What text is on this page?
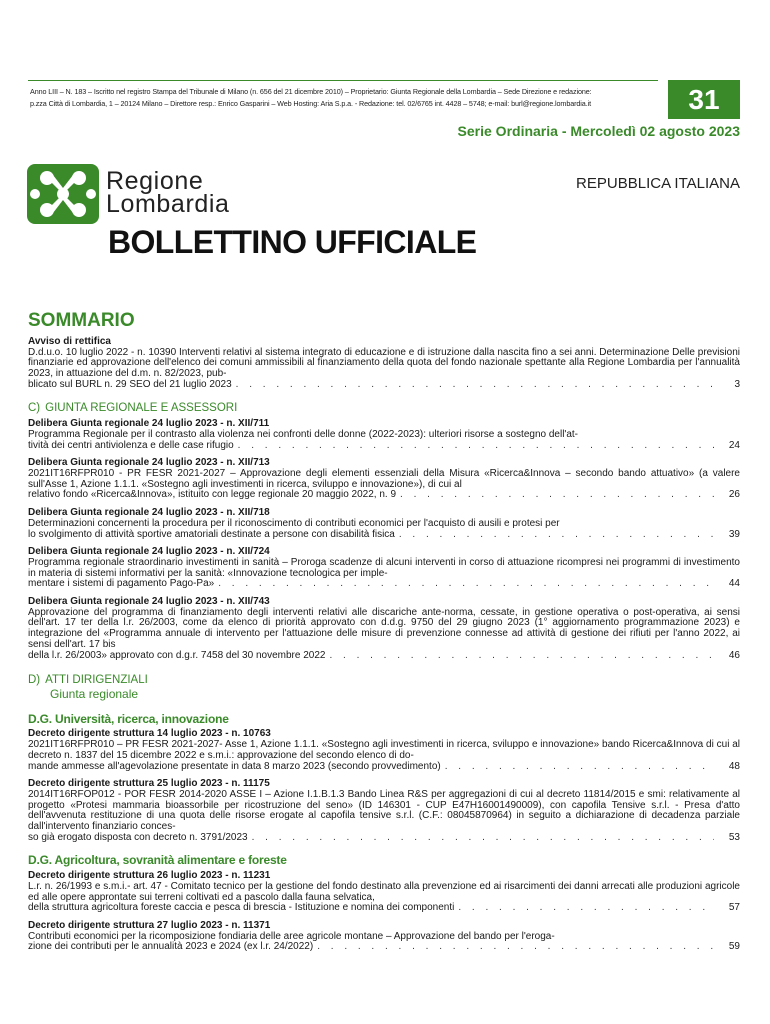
Anno LIII – N. 183 – Iscritto nel registro Stampa del Tribunale di Milano (n. 656 del 21 dicembre 2010) – Proprietario: Giunta Regionale della Lombardia – Sede Direzione e redazione:
p.zza Città di Lombardia, 1 – 20124 Milano – Direttore resp.: Enrico Gasparini – Web Hosting: Aria S.p.a. - Redazione: tel. 02/6765 int. 4428 – 5748; e-mail: burl@regione.lombardia.it	31
Serie Ordinaria - Mercoledì 02 agosto 2023
Regione
Lombardia
REPUBBLICA ITALIANA
BOLLETTINO UFFICIALE
SOMMARIO
Avviso di rettifica
D.d.u.o. 10 luglio 2022 - n. 10390 Interventi relativi al sistema integrato di educazione e di istruzione dalla nascita fino a sei anni. Determinazione Delle previsioni finanziarie ed approvazione dell'elenco dei comuni ammissibili al finanziamento della quota del fondo nazionale spettante alla Regione Lombardia per l'annualità 2023, in attuazione del d.m. n. 82/2023, pub-
blicato sul BURL n. 29 SEO del 21 luglio 2023 . . .	3
C) GIUNTA REGIONALE E ASSESSORI
Delibera Giunta regionale 24 luglio 2023 - n. XII/711
Programma Regionale per il contrasto alla violenza nei confronti delle donne (2022-2023): ulteriori risorse a sostegno dell'at-
tività dei centri antiviolenza e delle case rifugio . . .	24
Delibera Giunta regionale 24 luglio 2023 - n. XII/713
2021IT16RFPR010 - PR FESR 2021-2027 – Approvazione degli elementi essenziali della Misura «Ricerca&Innova – secondo bando attuativo» (a valere sull'Asse 1, Azione 1.1.1. «Sostegno agli investimenti in ricerca, sviluppo e innovazione»), di cui al
relativo fondo «Ricerca&Innova», istituito con legge regionale 20 maggio 2022, n. 9 . . .	26
Delibera Giunta regionale 24 luglio 2023 - n. XII/718
Determinazioni concernenti la procedura per il riconoscimento di contributi economici per l'acquisto di ausili e protesi per
lo svolgimento di attività sportive amatoriali destinate a persone con disabilità fisica . . .	39
Delibera Giunta regionale 24 luglio 2023 - n. XII/724
Programma regionale straordinario investimenti in sanità – Proroga scadenze di alcuni interventi in corso di attuazione ricompresi nei programmi di investimento in materia di sistemi informativi per la sanità: «Innovazione tecnologica per imple-
mentare i sistemi di pagamento Pago-Pa» . . .	44
Delibera Giunta regionale 24 luglio 2023 - n. XII/743
Approvazione del programma di finanziamento degli interventi relativi alle discariche ante-norma, cessate, in gestione operativa o post-operativa, ai sensi dell'art. 17 ter della l.r. 26/2003, come da elenco di priorità approvato con d.d.g. 9750 del 29 giugno 2023 (1° aggiornamento programmazione 2023) e integrazione del «Programma annuale di intervento per l'attuazione delle misure di prevenzione connesse ad attività di gestione dei rifiuti per l'anno 2022, ai sensi dell'art. 17 bis
della l.r. 26/2003» approvato con d.g.r. 7458 del 30 novembre 2022 . . .	46
D) ATTI DIRIGENZIALI
Giunta regionale
D.G. Università, ricerca, innovazione
Decreto dirigente struttura 14 luglio 2023 - n. 10763
2021IT16RFPR010 – PR FESR 2021-2027- Asse 1, Azione 1.1.1. «Sostegno agli investimenti in ricerca, sviluppo e innovazione» bando Ricerca&Innova di cui al decreto n. 1837 del 15 dicembre 2022 e s.m.i.: approvazione del secondo elenco di do-
mande ammesse all'agevolazione presentate in data 8 marzo 2023 (secondo provvedimento) . . .	48
Decreto dirigente struttura 25 luglio 2023 - n. 11175
2014IT16RFOP012 - POR FESR 2014-2020 ASSE I – Azione I.1.B.1.3 Bando Linea R&S per aggregazioni di cui al decreto 11814/2015 e smi: relativamente al progetto «Protesi mammaria bioassorbile per ricostruzione del seno» (ID 146301 - CUP E47H16001490009), con capofila Tensive s.r.l. - Presa d'atto dell'avvenuta restituzione di una quota delle risorse erogate al capofila tensive s.r.l. (C.F.: 08045870964) in seguito a dichiarazione di decadenza parziale dall'intervento finanziario conces-
so già erogato disposta con decreto n. 3791/2023 . . .	53
D.G. Agricoltura, sovranità alimentare e foreste
Decreto dirigente struttura 26 luglio 2023 - n. 11231
L.r. n. 26/1993 e s.m.i.- art. 47 - Comitato tecnico per la gestione del fondo destinato alla prevenzione ed ai risarcimenti dei danni arrecati alle produzioni agricole ed alle opere approntate sui terreni coltivati ed a pascolo dalla fauna selvatica,
della struttura agricoltura foreste caccia e pesca di brescia - Istituzione e nomina dei componenti . . .	57
Decreto dirigente struttura 27 luglio 2023 - n. 11371
Contributi economici per la ricomposizione fondiaria delle aree agricole montane – Approvazione del bando per l'eroga-
zione dei contributi per le annualità 2023 e 2024 (ex l.r. 24/2022) . . .	59
